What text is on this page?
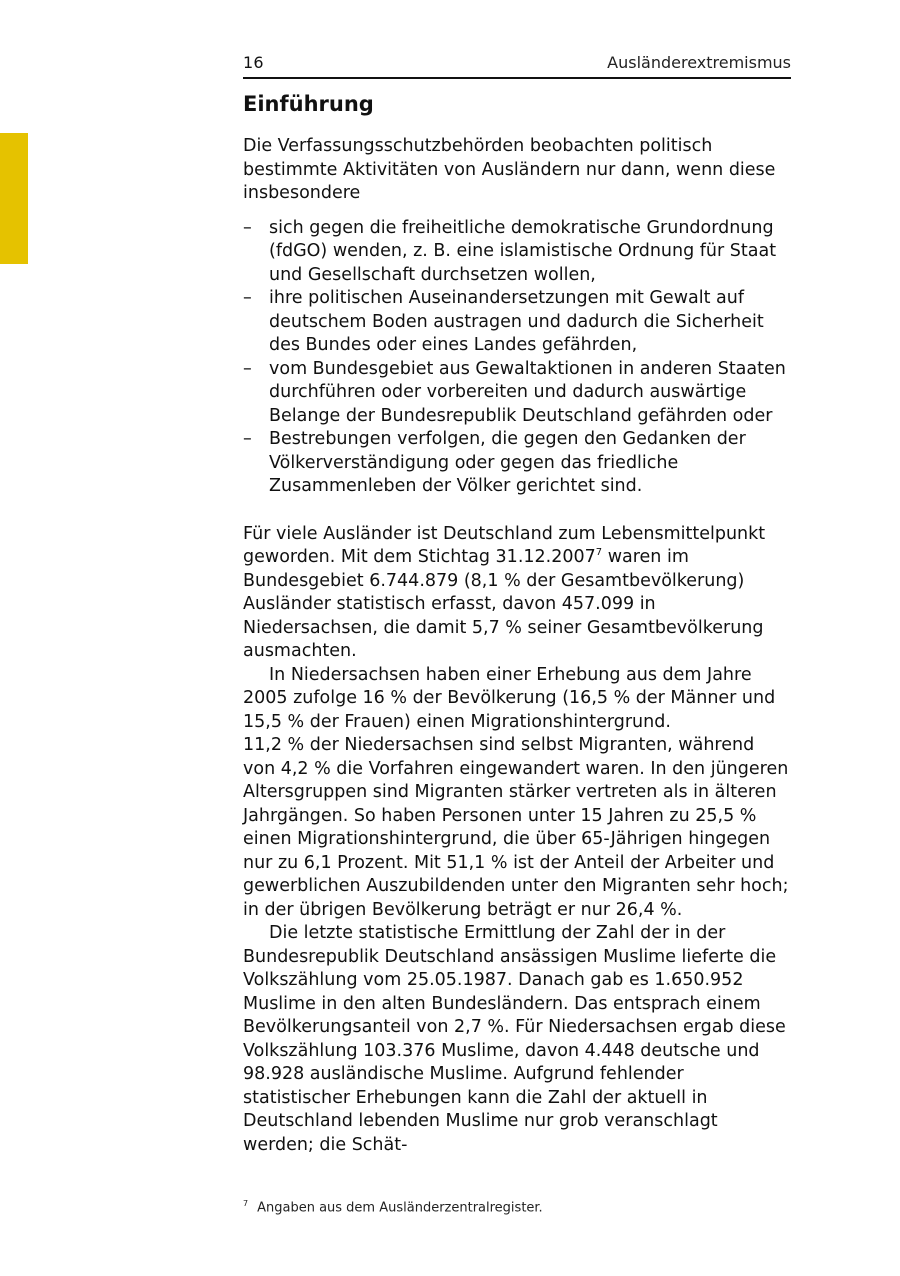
16	Ausländerextremismus
Einführung

Die Verfassungsschutzbehörden beobachten politisch bestimmte Aktivitäten von Ausländern nur dann, wenn diese insbesondere

– sich gegen die freiheitliche demokratische Grundordnung (fdGO) wenden, z. B. eine islamistische Ordnung für Staat und Gesellschaft durchsetzen wollen,
– ihre politischen Auseinandersetzungen mit Gewalt auf deutschem Boden austragen und dadurch die Sicherheit des Bundes oder eines Landes gefährden,
– vom Bundesgebiet aus Gewaltaktionen in anderen Staaten durchführen oder vorbereiten und dadurch auswärtige Belange der Bundesrepublik Deutschland gefährden oder
– Bestrebungen verfolgen, die gegen den Gedanken der Völkerverständigung oder gegen das friedliche Zusammenleben der Völker gerichtet sind.

Für viele Ausländer ist Deutschland zum Lebensmittelpunkt geworden. Mit dem Stichtag 31.12.2007$^7$ waren im Bundesgebiet 6.744.879 (8,1 % der Gesamtbevölkerung) Ausländer statistisch erfasst, davon 457.099 in Niedersachsen, die damit 5,7 % seiner Gesamtbevölkerung ausmachten.

In Niedersachsen haben einer Erhebung aus dem Jahre 2005 zufolge 16 % der Bevölkerung (16,5 % der Männer und 15,5 % der Frauen) einen Migrationshintergrund.

11,2 % der Niedersachsen sind selbst Migranten, während von 4,2 % die Vorfahren eingewandert waren. In den jüngeren Altersgruppen sind Migranten stärker vertreten als in älteren Jahrgängen. So haben Personen unter 15 Jahren zu 25,5 % einen Migrationshintergrund, die über 65-Jährigen hingegen nur zu 6,1 Prozent. Mit 51,1 % ist der Anteil der Arbeiter und gewerblichen Auszubildenden unter den Migranten sehr hoch; in der übrigen Bevölkerung beträgt er nur 26,4 %.

Die letzte statistische Ermittlung der Zahl der in der Bundesrepublik Deutschland ansässigen Muslime lieferte die Volkszählung vom 25.05.1987. Danach gab es 1.650.952 Muslime in den alten Bundesländern. Das entsprach einem Bevölkerungsanteil von 2,7 %. Für Niedersachsen ergab diese Volkszählung 103.376 Muslime, davon 4.448 deutsche und 98.928 ausländische Muslime. Aufgrund fehlender statistischer Erhebungen kann die Zahl der aktuell in Deutschland lebenden Muslime nur grob veranschlagt werden; die Schät-

$^7$ Angaben aus dem Ausländerzentralregister.
